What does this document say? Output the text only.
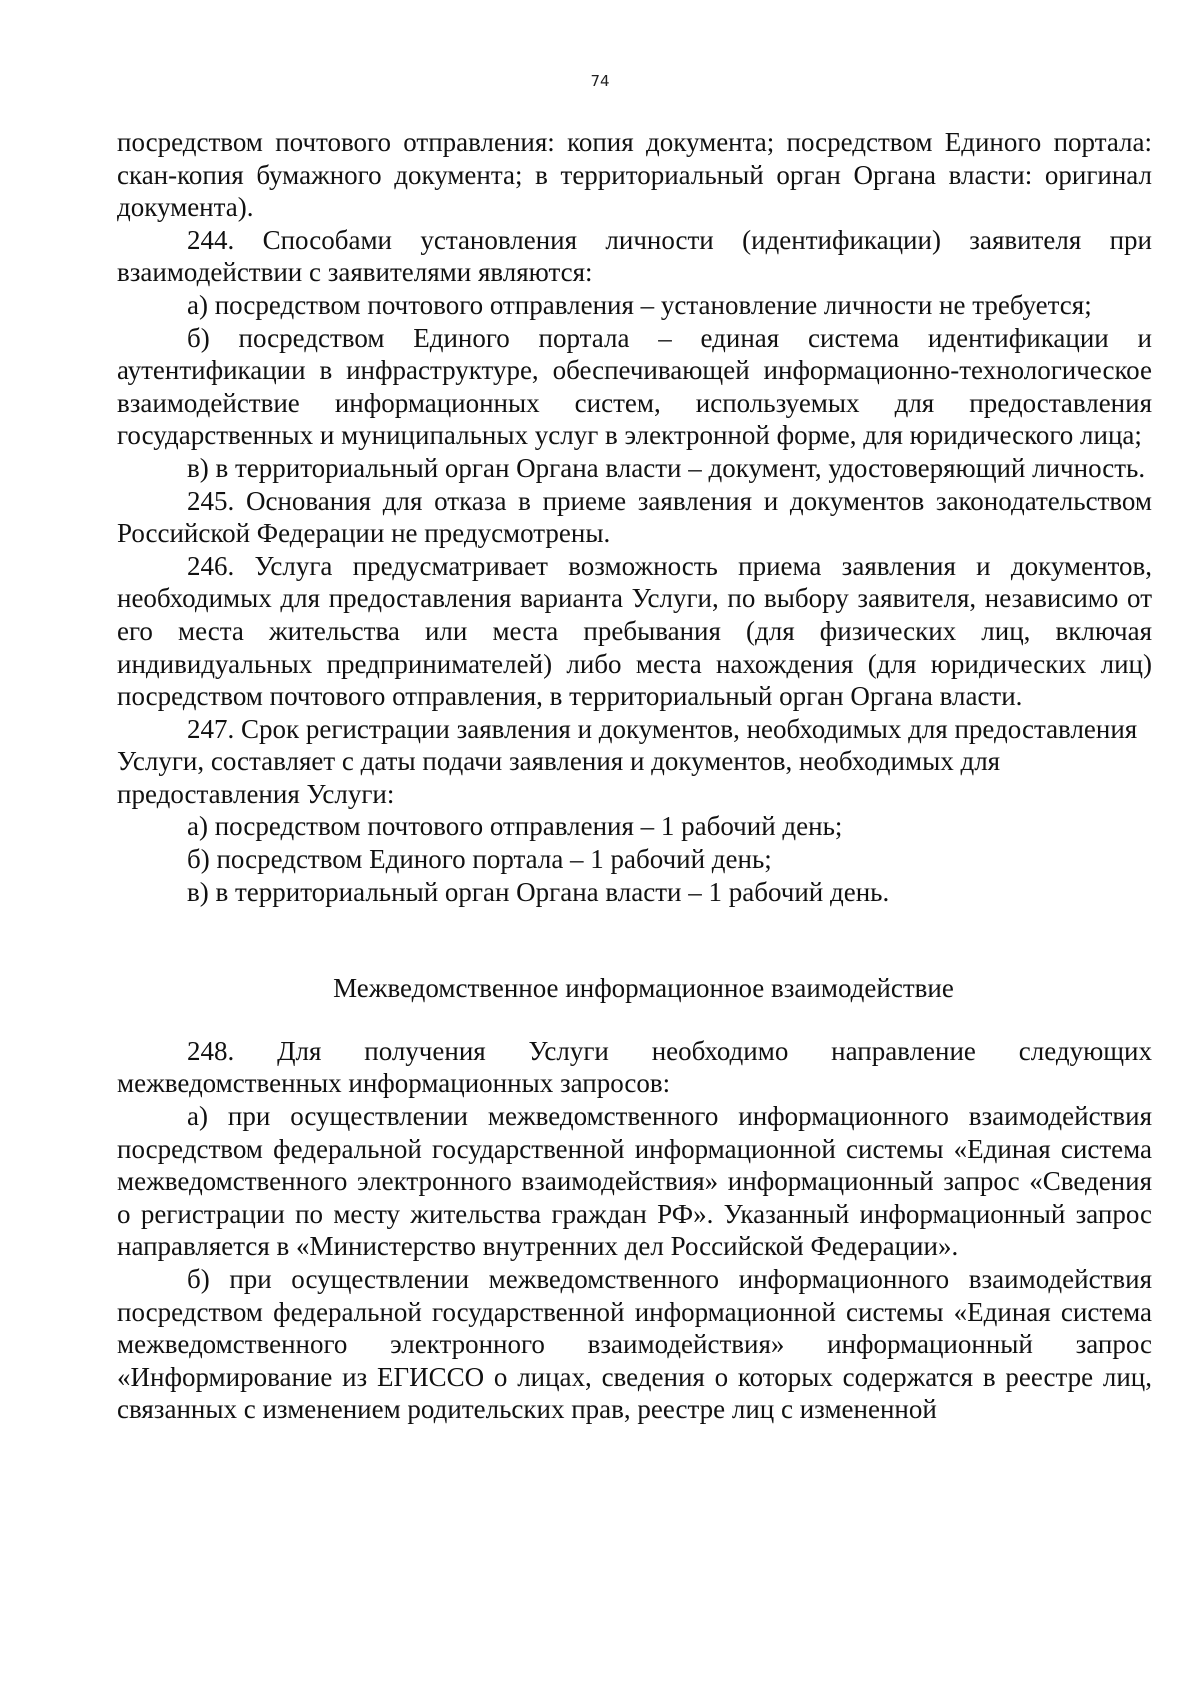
74

посредством почтового отправления: копия документа; посредством Единого портала: скан-копия бумажного документа; в территориальный орган Органа власти: оригинал документа).

244. Способами установления личности (идентификации) заявителя при взаимодействии с заявителями являются:

а) посредством почтового отправления – установление личности не требуется;

б) посредством Единого портала – единая система идентификации и аутентификации в инфраструктуре, обеспечивающей информационно-технологическое взаимодействие информационных систем, используемых для предоставления государственных и муниципальных услуг в электронной форме, для юридического лица;

в) в территориальный орган Органа власти – документ, удостоверяющий личность.

245. Основания для отказа в приеме заявления и документов законодательством Российской Федерации не предусмотрены.

246. Услуга предусматривает возможность приема заявления и документов, необходимых для предоставления варианта Услуги, по выбору заявителя, независимо от его места жительства или места пребывания (для физических лиц, включая индивидуальных предпринимателей) либо места нахождения (для юридических лиц) посредством почтового отправления, в территориальный орган Органа власти.

247. Срок регистрации заявления и документов, необходимых для предоставления Услуги, составляет с даты подачи заявления и документов, необходимых для предоставления Услуги:

а) посредством почтового отправления – 1 рабочий день;

б) посредством Единого портала – 1 рабочий день;

в) в территориальный орган Органа власти – 1 рабочий день.

Межведомственное информационное взаимодействие

248. Для получения Услуги необходимо направление следующих межведомственных информационных запросов:

а) при осуществлении межведомственного информационного взаимодействия посредством федеральной государственной информационной системы «Единая система межведомственного электронного взаимодействия» информационный запрос «Сведения о регистрации по месту жительства граждан РФ». Указанный информационный запрос направляется в «Министерство внутренних дел Российской Федерации».

б) при осуществлении межведомственного информационного взаимодействия посредством федеральной государственной информационной системы «Единая система межведомственного электронного взаимодействия» информационный запрос «Информирование из ЕГИССО о лицах, сведения о которых содержатся в реестре лиц, связанных с изменением родительских прав, реестре лиц с измененной
